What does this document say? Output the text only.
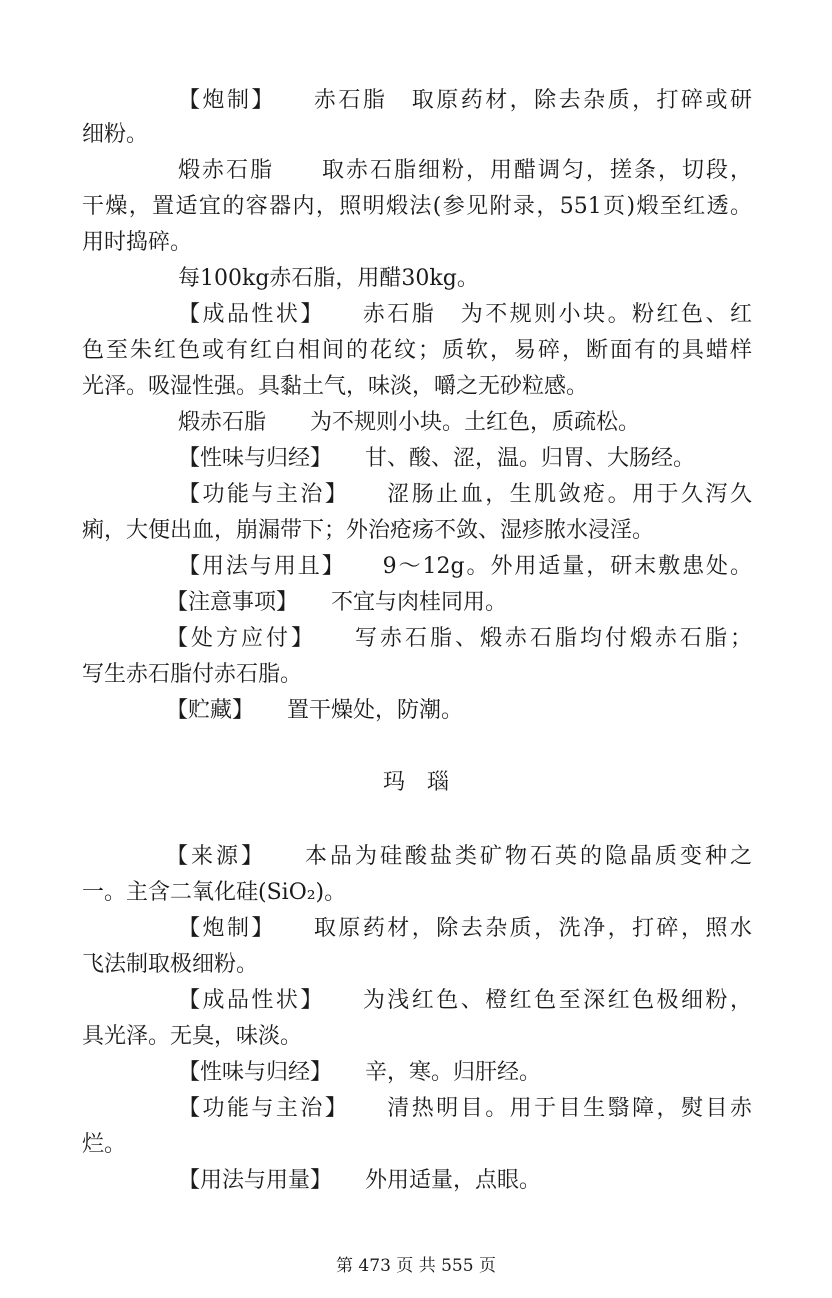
【炮制】　　赤石脂　取原药材，除去杂质，打碎或研
细粉。
煅赤石脂　　取赤石脂细粉，用醋调匀，搓条，切段，
干燥，置适宜的容器内，照明煅法(参见附录，551页)煅至红透。
用时捣碎。
每100kg赤石脂，用醋30kg。
【成品性状】　　赤石脂　为不规则小块。粉红色、红
色至朱红色或有红白相间的花纹；质软，易碎，断面有的具蜡样
光泽。吸湿性强。具黏土气，味淡，嚼之无砂粒感。
煅赤石脂　　为不规则小块。土红色，质疏松。
【性味与归经】　　甘、酸、涩，温。归胃、大肠经。
【功能与主治】　　涩肠止血，生肌敛疮。用于久泻久
痢，大便出血，崩漏带下；外治疮疡不敛、湿疹脓水浸淫。
【用法与用且】　　9～12g。外用适量，研末敷患处。
【注意事项】　　不宜与肉桂同用。
【处方应付】　　写赤石脂、煅赤石脂均付煅赤石脂；
写生赤石脂付赤石脂。
【贮藏】　　置干燥处，防潮。
玛　瑙
【来源】　　本品为硅酸盐类矿物石英的隐晶质变种之
一。主含二氧化硅(SiO₂)。
【炮制】　　取原药材，除去杂质，洗净，打碎，照水
飞法制取极细粉。
【成品性状】　　为浅红色、橙红色至深红色极细粉，
具光泽。无臭，味淡。
【性味与归经】　　辛，寒。归肝经。
【功能与主治】　　清热明目。用于目生翳障，熨目赤
烂。
【用法与用量】　　外用适量，点眼。
第 473 页 共 555 页
